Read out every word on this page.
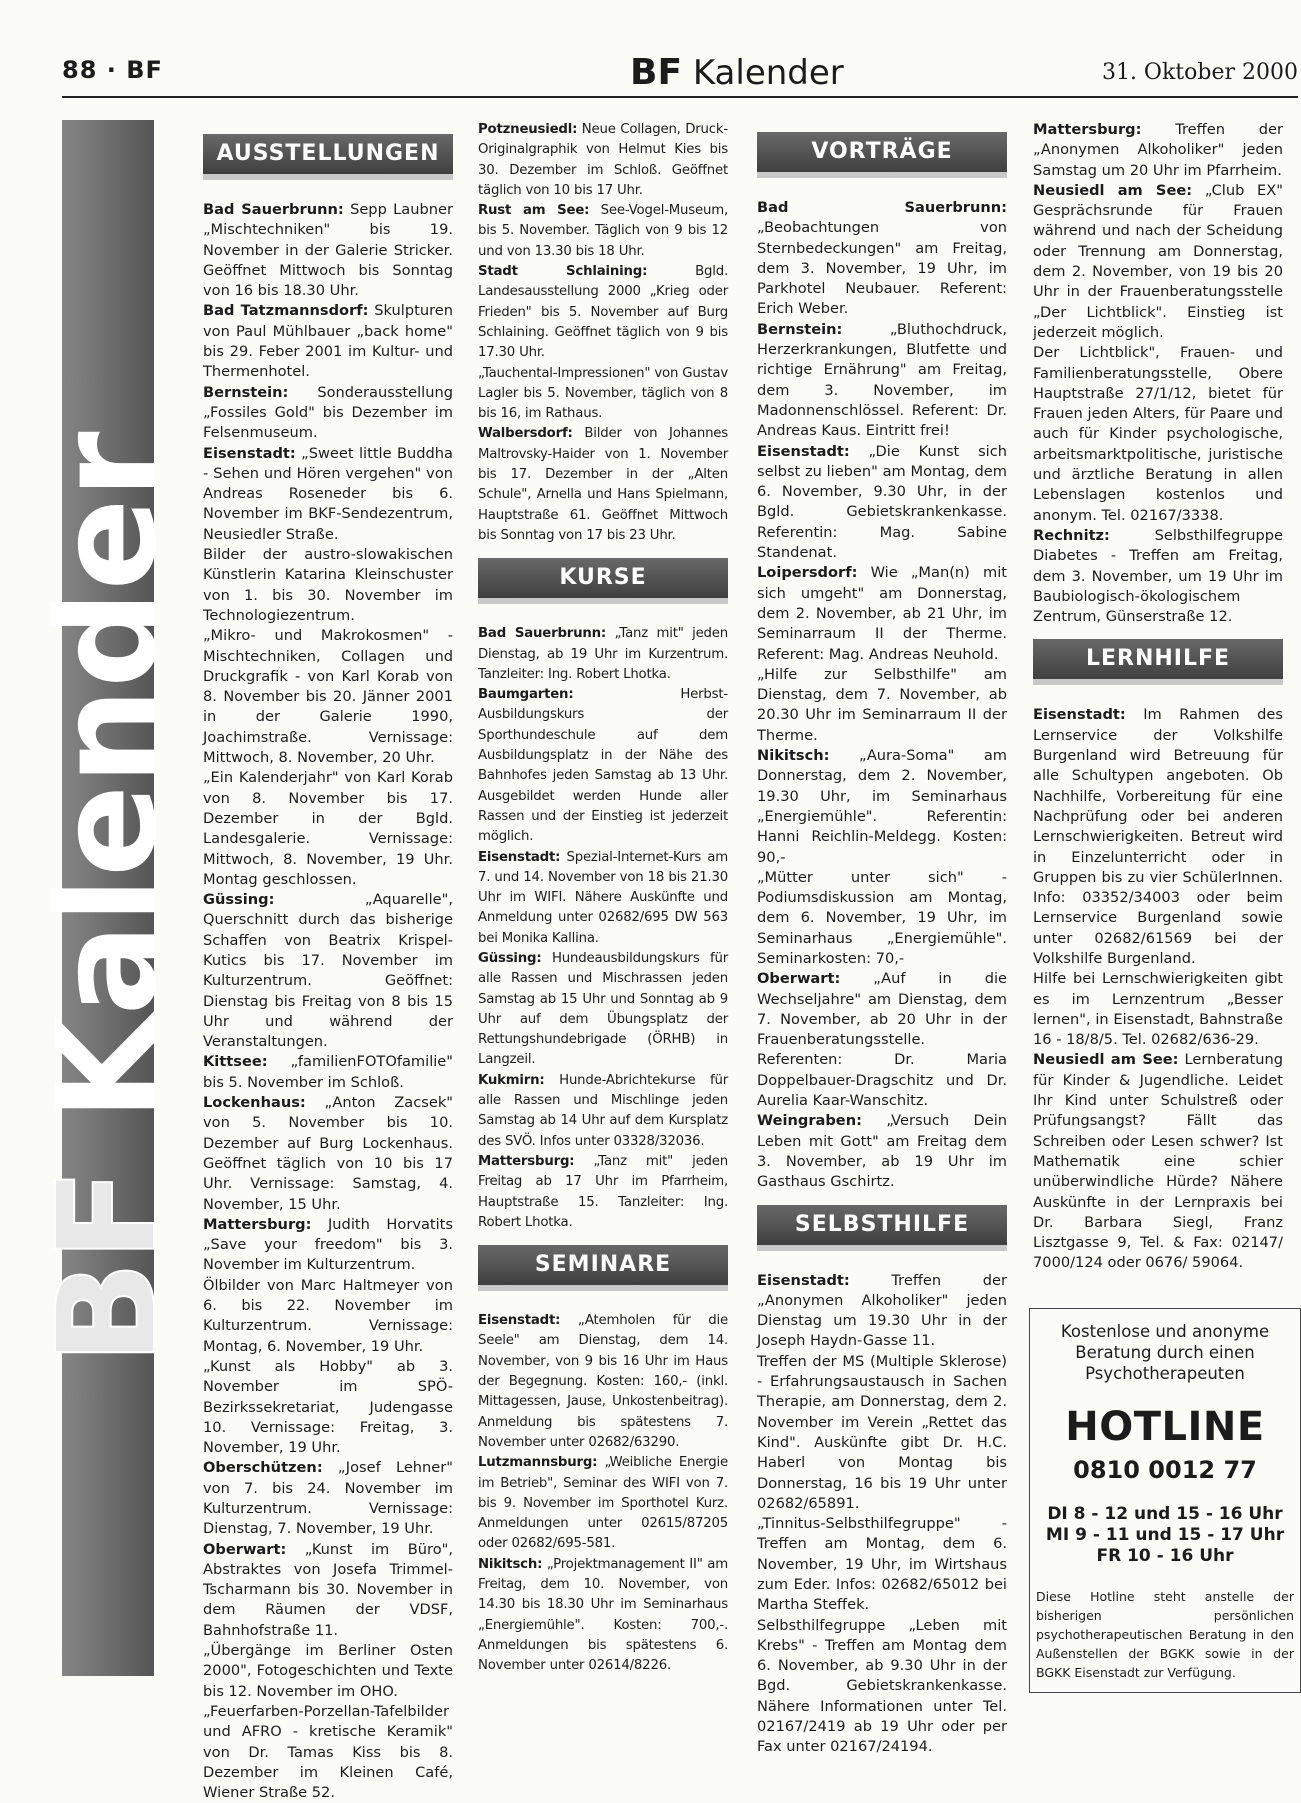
88 · BF	BF Kalender	31. Oktober 2000
BF Kalender
AUSSTELLUNGEN
Bad Sauerbrunn: Sepp Laubner „Mischtechniken" bis 19. November in der Galerie Stricker. Geöffnet Mittwoch bis Sonntag von 16 bis 18.30 Uhr.
Bad Tatzmannsdorf: Skulpturen von Paul Mühlbauer „back home" bis 29. Feber 2001 im Kultur- und Thermenhotel.
Bernstein: Sonderausstellung „Fossiles Gold" bis Dezember im Felsenmuseum.
Eisenstadt: „Sweet little Buddha - Sehen und Hören vergehen" von Andreas Roseneder bis 6. November im BKF-Sendezentrum, Neusiedler Straße.
Bilder der austro-slowakischen Künstlerin Katarina Kleinschuster von 1. bis 30. November im Technologiezentrum.
„Mikro- und Makrokosmen" - Mischtechniken, Collagen und Druckgrafik - von Karl Korab von 8. November bis 20. Jänner 2001 in der Galerie 1990, Joachimstraße. Vernissage: Mittwoch, 8. November, 20 Uhr.
„Ein Kalenderjahr" von Karl Korab von 8. November bis 17. Dezember in der Bgld. Landesgalerie. Vernissage: Mittwoch, 8. November, 19 Uhr. Montag geschlossen.
Güssing:	„Aquarelle", Querschnitt durch das bisherige Schaffen von Beatrix Krispel-Kutics bis 17. November im Kulturzentrum. Geöffnet: Dienstag bis Freitag von 8 bis 15 Uhr und während der Veranstaltungen.
Kittsee: „familienFOTOfamilie" bis 5. November im Schloß.
Lockenhaus: „Anton Zacsek" von 5. November bis 10. Dezember auf Burg Lockenhaus. Geöffnet täglich von 10 bis 17 Uhr. Vernissage: Samstag, 4. November, 15 Uhr.
Mattersburg: Judith Horvatits „Save your freedom" bis 3. November im Kulturzentrum.
Ölbilder von Marc Haltmeyer von 6. bis 22. November im Kulturzentrum. Vernissage: Montag, 6. November, 19 Uhr.
„Kunst als Hobby" ab 3. November im SPÖ-Bezirkssekretariat, Judengasse 10. Vernissage: Freitag, 3. November, 19 Uhr.
Oberschützen: „Josef Lehner" von 7. bis 24. November im Kulturzentrum. Vernissage: Dienstag, 7. November, 19 Uhr.
Oberwart: „Kunst im Büro", Abstraktes von Josefa Trimmel-Tscharmann bis 30. November in dem Räumen der VDSF, Bahnhofstraße 11.
„Übergänge im Berliner Osten 2000", Fotogeschichten und Texte bis 12. November im OHO.
„Feuerfarben-Porzellan-Tafelbilder und AFRO - kretische Keramik" von Dr. Tamas Kiss bis 8. Dezember im Kleinen Café, Wiener Straße 52.
Potzneusiedl: Neue Collagen, Druck- Originalgraphik von Helmut Kies bis 30. Dezember im Schloß. Geöffnet täglich von 10 bis 17 Uhr.
Rust am See: See-Vogel-Museum, bis 5. November. Täglich von 9 bis 12 und von 13.30 bis 18 Uhr.
Stadt Schlaining:	Bgld. Landesausstellung 2000 „Krieg oder Frieden" bis 5. November auf Burg Schlaining. Geöffnet täglich von 9 bis 17.30 Uhr.
„Tauchental-Impressionen" von Gustav Lagler bis 5. November, täglich von 8 bis 16, im Rathaus.
Walbersdorf: Bilder von Johannes Maltrovsky-Haider von 1. November bis 17. Dezember in der „Alten Schule", Arnella und Hans Spielmann, Hauptstraße 61. Geöffnet Mittwoch bis Sonntag von 17 bis 23 Uhr.
KURSE
Bad Sauerbrunn: „Tanz mit" jeden Dienstag, ab 19 Uhr im Kurzentrum. Tanzleiter: Ing. Robert Lhotka.
Baumgarten:	Herbst-Ausbildungskurs der Sporthundeschule auf dem Ausbildungsplatz in der Nähe des Bahnhofes jeden Samstag ab 13 Uhr. Ausgebildet werden Hunde aller Rassen und der Einstieg ist jederzeit möglich.
Eisenstadt: Spezial-Internet-Kurs am 7. und 14. November von 18 bis 21.30 Uhr im WIFI. Nähere Auskünfte und Anmeldung unter 02682/695 DW 563 bei Monika Kallina.
Güssing: Hundeausbildungskurs für alle Rassen und Mischrassen jeden Samstag ab 15 Uhr und Sonntag ab 9 Uhr auf dem Übungsplatz der Rettungshundebrigade (ÖRHB) in Langzeil.
Kukmirn: Hunde-Abrichtekurse für alle Rassen und Mischlinge jeden Samstag ab 14 Uhr auf dem Kursplatz des SVÖ. Infos unter 03328/32036.
Mattersburg: „Tanz mit" jeden Freitag ab 17 Uhr im Pfarrheim, Hauptstraße 15. Tanzleiter: Ing. Robert Lhotka.
SEMINARE
Eisenstadt: „Atemholen für die Seele" am Dienstag, dem 14. November, von 9 bis 16 Uhr im Haus der Begegnung. Kosten: 160,- (inkl. Mittagessen, Jause, Unkostenbeitrag). Anmeldung bis spätestens 7. November unter 02682/63290.
Lutzmannsburg: „Weibliche Energie im Betrieb", Seminar des WIFI von 7. bis 9. November im Sporthotel Kurz. Anmeldungen unter 02615/87205 oder 02682/695-581.
Nikitsch: „Projektmanagement II" am Freitag, dem 10. November, von 14.30 bis 18.30 Uhr im Seminarhaus „Energiemühle". Kosten: 700,-. Anmeldungen bis spätestens 6. November unter 02614/8226.
VORTRÄGE
Bad Sauerbrunn: „Beobachtungen von Sternbedeckungen" am Freitag, dem 3. November, 19 Uhr, im Parkhotel Neubauer. Referent: Erich Weber.
Bernstein:	„Bluthochdruck, Herzerkrankungen, Blutfette und richtige Ernährung" am Freitag, dem 3. November, im Madonnenschlössel. Referent: Dr. Andreas Kaus. Eintritt frei!
Eisenstadt: „Die Kunst sich selbst zu lieben" am Montag, dem 6. November, 9.30 Uhr, in der Bgld. Gebietskrankenkasse. Referentin: Mag. Sabine Standenat.
Loipersdorf: Wie „Man(n) mit sich umgeht" am Donnerstag, dem 2. November, ab 21 Uhr, im Seminarraum II der Therme. Referent: Mag. Andreas Neuhold.
„Hilfe zur Selbsthilfe" am Dienstag, dem 7. November, ab 20.30 Uhr im Seminarraum II der Therme.
Nikitsch: „Aura-Soma" am Donnerstag, dem 2. November, 19.30 Uhr, im Seminarhaus „Energiemühle". Referentin: Hanni Reichlin-Meldegg. Kosten: 90,-
„Mütter unter sich" - Podiumsdiskussion am Montag, dem 6. November, 19 Uhr, im Seminarhaus „Energiemühle". Seminarkosten: 70,-
Oberwart: „Auf in die Wechseljahre" am Dienstag, dem 7. November, ab 20 Uhr in der Frauenberatungsstelle. Referenten: Dr. Maria Doppelbauer-Dragschitz und Dr. Aurelia Kaar-Wanschitz.
Weingraben: „Versuch Dein Leben mit Gott" am Freitag dem 3. November, ab 19 Uhr im Gasthaus Gschirtz.
SELBSTHILFE
Eisenstadt:	Treffen der „Anonymen Alkoholiker" jeden Dienstag um 19.30 Uhr in der Joseph Haydn-Gasse 11.
Treffen der MS (Multiple Sklerose) - Erfahrungsaustausch in Sachen Therapie, am Donnerstag, dem 2. November im Verein „Rettet das Kind". Auskünfte gibt Dr. H.C. Haberl von Montag bis Donnerstag, 16 bis 19 Uhr unter 02682/65891.
„Tinnitus-Selbsthilfegruppe" - Treffen am Montag, dem 6. November, 19 Uhr, im Wirtshaus zum Eder. Infos: 02682/65012 bei Martha Steffek.
Selbsthilfegruppe „Leben mit Krebs" - Treffen am Montag dem 6. November, ab 9.30 Uhr in der Bgd. Gebietskrankenkasse. Nähere Informationen unter Tel. 02167/2419 ab 19 Uhr oder per Fax unter 02167/24194.
Mattersburg: Treffen der „Anonymen Alkoholiker" jeden Samstag um 20 Uhr im Pfarrheim.
Neusiedl am See: „Club EX" Gesprächsrunde für Frauen während und nach der Scheidung oder Trennung am Donnerstag, dem 2. November, von 19 bis 20 Uhr in der Frauenberatungsstelle „Der Lichtblick". Einstieg ist jederzeit möglich.
Der Lichtblick", Frauen- und Familienberatungsstelle, Obere Hauptstraße 27/1/12, bietet für Frauen jeden Alters, für Paare und auch für Kinder psychologische, arbeitsmarktpolitische, juristische und ärztliche Beratung in allen Lebenslagen kostenlos und anonym. Tel. 02167/3338.
Rechnitz:	Selbsthilfegruppe Diabetes - Treffen am Freitag, dem 3. November, um 19 Uhr im Baubiologisch-ökologischem Zentrum, Günserstraße 12.
LERNHILFE
Eisenstadt: Im Rahmen des Lernservice der Volkshilfe Burgenland wird Betreuung für alle Schultypen angeboten. Ob Nachhilfe, Vorbereitung für eine Nachprüfung oder bei anderen Lernschwierigkeiten. Betreut wird in Einzelunterricht oder in Gruppen bis zu vier SchülerInnen. Info: 03352/34003 oder beim Lernservice Burgenland sowie unter 02682/61569 bei der Volkshilfe Burgenland.
Hilfe bei Lernschwierigkeiten gibt es im Lernzentrum „Besser lernen", in Eisenstadt, Bahnstraße 16 - 18/8/5. Tel. 02682/636-29.
Neusiedl am See: Lernberatung für Kinder & Jugendliche. Leidet Ihr Kind unter Schulstreß oder Prüfungsangst? Fällt das Schreiben oder Lesen schwer? Ist Mathematik eine schier unüberwindliche Hürde? Nähere Auskünfte in der Lernpraxis bei Dr. Barbara Siegl, Franz Lisztgasse 9, Tel. & Fax: 02147/ 7000/124 oder 0676/ 59064.
Kostenlose und anonyme Beratung durch einen Psychotherapeuten
HOTLINE
0810 0012 77
DI 8 - 12 und 15 - 16 Uhr
MI 9 - 11 und 15 - 17 Uhr
FR 10 - 16 Uhr
Diese Hotline steht anstelle der bisherigen persönlichen psychotherapeutischen Beratung in den Außenstellen der BGKK sowie in der BGKK Eisenstadt zur Verfügung.
